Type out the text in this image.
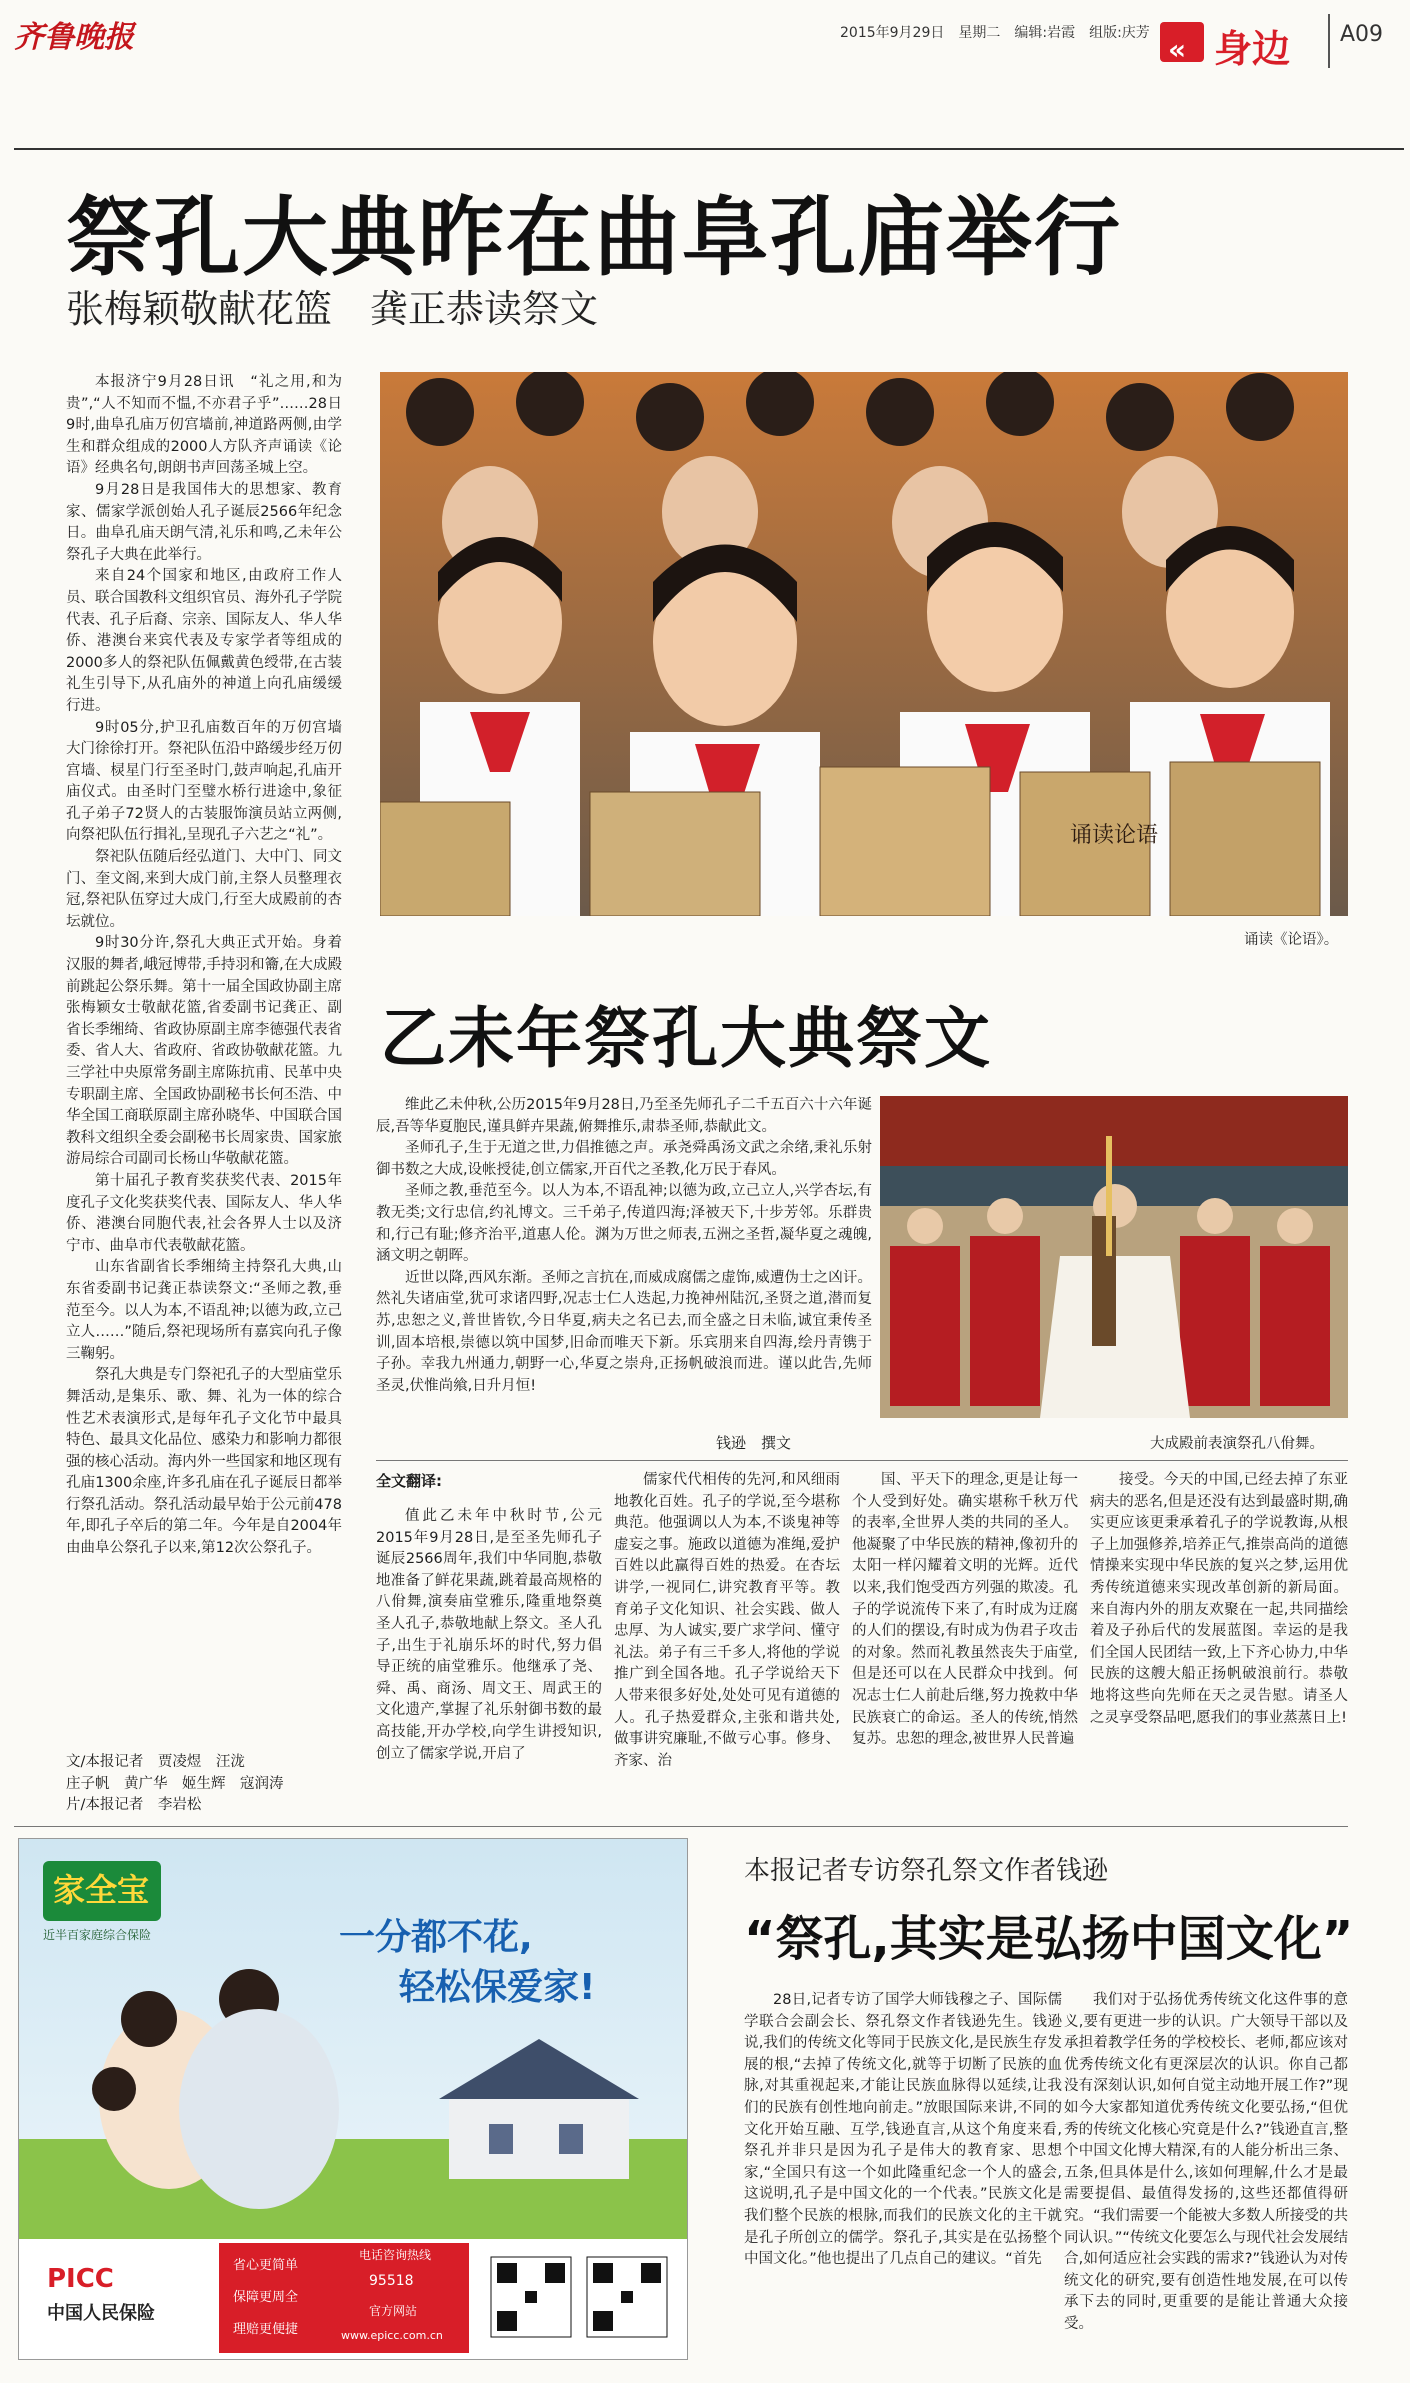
齐鲁晚报	2015年9月29日　星期二　编辑:岩霞　组版:庆芳 « 身边 A09
祭孔大典昨在曲阜孔庙举行
张梅颖敬献花篮　龚正恭读祭文

本报济宁9月28日讯　“礼之用,和为贵”,“人不知而不愠,不亦君子乎”……28日9时,曲阜孔庙万仞宫墙前,神道路两侧,由学生和群众组成的2000人方队齐声诵读《论语》经典名句,朗朗书声回荡圣城上空。

9月28日是我国伟大的思想家、教育家、儒家学派创始人孔子诞辰2566年纪念日。曲阜孔庙天朗气清,礼乐和鸣,乙未年公祭孔子大典在此举行。

来自24个国家和地区,由政府工作人员、联合国教科文组织官员、海外孔子学院代表、孔子后裔、宗亲、国际友人、华人华侨、港澳台来宾代表及专家学者等组成的2000多人的祭祀队伍佩戴黄色绶带,在古装礼生引导下,从孔庙外的神道上向孔庙缓缓行进。

9时05分,护卫孔庙数百年的万仞宫墙大门徐徐打开。祭祀队伍沿中路缓步经万仞宫墙、棂星门行至圣时门,鼓声响起,孔庙开庙仪式。由圣时门至璧水桥行进途中,象征孔子弟子72贤人的古装服饰演员站立两侧,向祭祀队伍行揖礼,呈现孔子六艺之“礼”。

祭祀队伍随后经弘道门、大中门、同文门、奎文阁,来到大成门前,主祭人员整理衣冠,祭祀队伍穿过大成门,行至大成殿前的杏坛就位。

9时30分许,祭孔大典正式开始。身着汉服的舞者,峨冠博带,手持羽和籥,在大成殿前跳起公祭乐舞。第十一届全国政协副主席张梅颖女士敬献花篮,省委副书记龚正、副省长季缃绮、省政协原副主席李德强代表省委、省人大、省政府、省政协敬献花篮。九三学社中央原常务副主席陈抗甫、民革中央专职副主席、全国政协副秘书长何丕浩、中华全国工商联原副主席孙晓华、中国联合国教科文组织全委会副秘书长周家贵、国家旅游局综合司副司长杨山华敬献花篮。

第十届孔子教育奖获奖代表、2015年度孔子文化奖获奖代表、国际友人、华人华侨、港澳台同胞代表,社会各界人士以及济宁市、曲阜市代表敬献花篮。

山东省副省长季缃绮主持祭孔大典,山东省委副书记龚正恭读祭文:“圣师之教,垂范至今。以人为本,不语乱神;以德为政,立己立人……”随后,祭祀现场所有嘉宾向孔子像三鞠躬。

祭孔大典是专门祭祀孔子的大型庙堂乐舞活动,是集乐、歌、舞、礼为一体的综合性艺术表演形式,是每年孔子文化节中最具特色、最具文化品位、感染力和影响力都很强的核心活动。海内外一些国家和地区现有孔庙1300余座,许多孔庙在孔子诞辰日都举行祭孔活动。祭孔活动最早始于公元前478年,即孔子卒后的第二年。今年是自2004年由曲阜公祭孔子以来,第12次公祭孔子。

文/本报记者　贾凌煜　汪泷
庄子帆　黄广华　姬生辉　寇润涛
片/本报记者　李岩松
诵读论语
诵读《论语》。
乙未年祭孔大典祭文

维此乙未仲秋,公历2015年9月28日,乃至圣先师孔子二千五百六十六年诞辰,吾等华夏胞民,谨具鲜卉果蔬,俯舞推乐,肃恭圣师,恭献此文。

圣师孔子,生于无道之世,力倡推德之声。承尧舜禹汤文武之余绪,秉礼乐射御书数之大成,设帐授徒,创立儒家,开百代之圣教,化万民于春风。

圣师之教,垂范至今。以人为本,不语乱神;以德为政,立己立人,兴学杏坛,有教无类;文行忠信,约礼博文。三千弟子,传道四海;泽被天下,十步芳邻。乐群贵和,行己有耻;修齐治平,道惠人伦。渊为万世之师表,五洲之圣哲,凝华夏之魂魄,涵文明之朝晖。

近世以降,西风东渐。圣师之言抗在,而威成腐儒之虚饰,威遭伪士之凶讦。然礼失诸庙堂,犹可求诸四野,况志士仁人迭起,力挽神州陆沉,圣贤之道,潜而复苏,忠恕之义,普世皆钦,今日华夏,病夫之名已去,而全盛之日未临,诚宜秉传圣训,固本培根,崇德以筑中国梦,旧命而唯天下新。乐宾朋来自四海,绘丹青镌于子孙。幸我九州通力,朝野一心,华夏之崇舟,正扬帆破浪而进。谨以此告,先师圣灵,伏惟尚飨,日升月恒!

钱逊　撰文	大成殿前表演祭孔八佾舞。
全文翻译:

值此乙未年中秋时节,公元2015年9月28日,是至圣先师孔子诞辰2566周年,我们中华同胞,恭敬地准备了鲜花果蔬,跳着最高规格的八佾舞,演奏庙堂雅乐,隆重地祭奠圣人孔子,恭敬地献上祭文。圣人孔子,出生于礼崩乐坏的时代,努力倡导正统的庙堂雅乐。他继承了尧、舜、禹、商汤、周文王、周武王的文化遗产,掌握了礼乐射御书数的最高技能,开办学校,向学生讲授知识,创立了儒家学说,开启了

儒家代代相传的先河,和风细雨地教化百姓。孔子的学说,至今堪称典范。他强调以人为本,不谈鬼神等虚妄之事。施政以道德为准绳,爱护百姓以此赢得百姓的热爱。在杏坛讲学,一视同仁,讲究教育平等。教育弟子文化知识、社会实践、做人忠厚、为人诚实,要广求学问、懂守礼法。弟子有三千多人,将他的学说推广到全国各地。孔子学说给天下人带来很多好处,处处可见有道德的人。孔子热爱群众,主张和谐共处,做事讲究廉耻,不做亏心事。修身、齐家、治

国、平天下的理念,更是让每一个人受到好处。确实堪称千秋万代的表率,全世界人类的共同的圣人。他凝聚了中华民族的精神,像初升的太阳一样闪耀着文明的光辉。近代以来,我们饱受西方列强的欺凌。孔子的学说流传下来了,有时成为迂腐的人们的摆设,有时成为伪君子攻击的对象。然而礼教虽然丧失于庙堂,但是还可以在人民群众中找到。何况志士仁人前赴后继,努力挽救中华民族衰亡的命运。圣人的传统,悄然复苏。忠恕的理念,被世界人民普遍

接受。今天的中国,已经去掉了东亚病夫的恶名,但是还没有达到最盛时期,确实更应该更秉承着孔子的学说教诲,从根子上加强修养,培养正气,推崇高尚的道德情操来实现中华民族的复兴之梦,运用优秀传统道德来实现改革创新的新局面。来自海内外的朋友欢聚在一起,共同描绘着及子孙后代的发展蓝图。幸运的是我们全国人民团结一致,上下齐心协力,中华民族的这艘大船正扬帆破浪前行。恭敬地将这些向先师在天之灵告慰。请圣人之灵享受祭品吧,愿我们的事业蒸蒸日上!

家全宝
近半百家庭综合保险	一分都不花,
轻松保爱家!
PICC
中国人民保险
省心更简单
保障更周全
理赔更便捷
电话咨询热线
95518
官方网站
www.epicc.com.cn
本报记者专访祭孔祭文作者钱逊
“祭孔,其实是弘扬中国文化”

28日,记者专访了国学大师钱穆之子、国际儒学联合会副会长、祭孔祭文作者钱逊先生。钱逊说,我们的传统文化等同于民族文化,是民族生存发展的根,“去掉了传统文化,就等于切断了民族的血脉,对其重视起来,才能让民族血脉得以延续,让我们的民族有创性地向前走。”放眼国际来讲,不同的文化开始互融、互学,钱逊直言,从这个角度来看,祭孔并非只是因为孔子是伟大的教育家、思想家,“全国只有这一个如此隆重纪念一个人的盛会,这说明,孔子是中国文化的一个代表。”民族文化是我们整个民族的根脉,而我们的民族文化的主干就是孔子所创立的儒学。祭孔子,其实是在弘扬整个中国文化。”他也提出了几点自己的建议。“首先

我们对于弘扬优秀传统文化这件事的意义,要有更进一步的认识。广大领导干部以及承担着教学任务的学校校长、老师,都应该对优秀传统文化有更深层次的认识。你自己都没有深刻认识,如何自觉主动地开展工作?”现如今大家都知道优秀传统文化要弘扬,“但优秀的传统文化核心究竟是什么?”钱逊直言,整个中国文化博大精深,有的人能分析出三条、五条,但具体是什么,该如何理解,什么才是最需要提倡、最值得发扬的,这些还都值得研究。“我们需要一个能被大多数人所接受的共同认识。”“传统文化要怎么与现代社会发展结合,如何适应社会实践的需求?”钱逊认为对传统文化的研究,要有创造性地发展,在可以传承下去的同时,更重要的是能让普通大众接受。
